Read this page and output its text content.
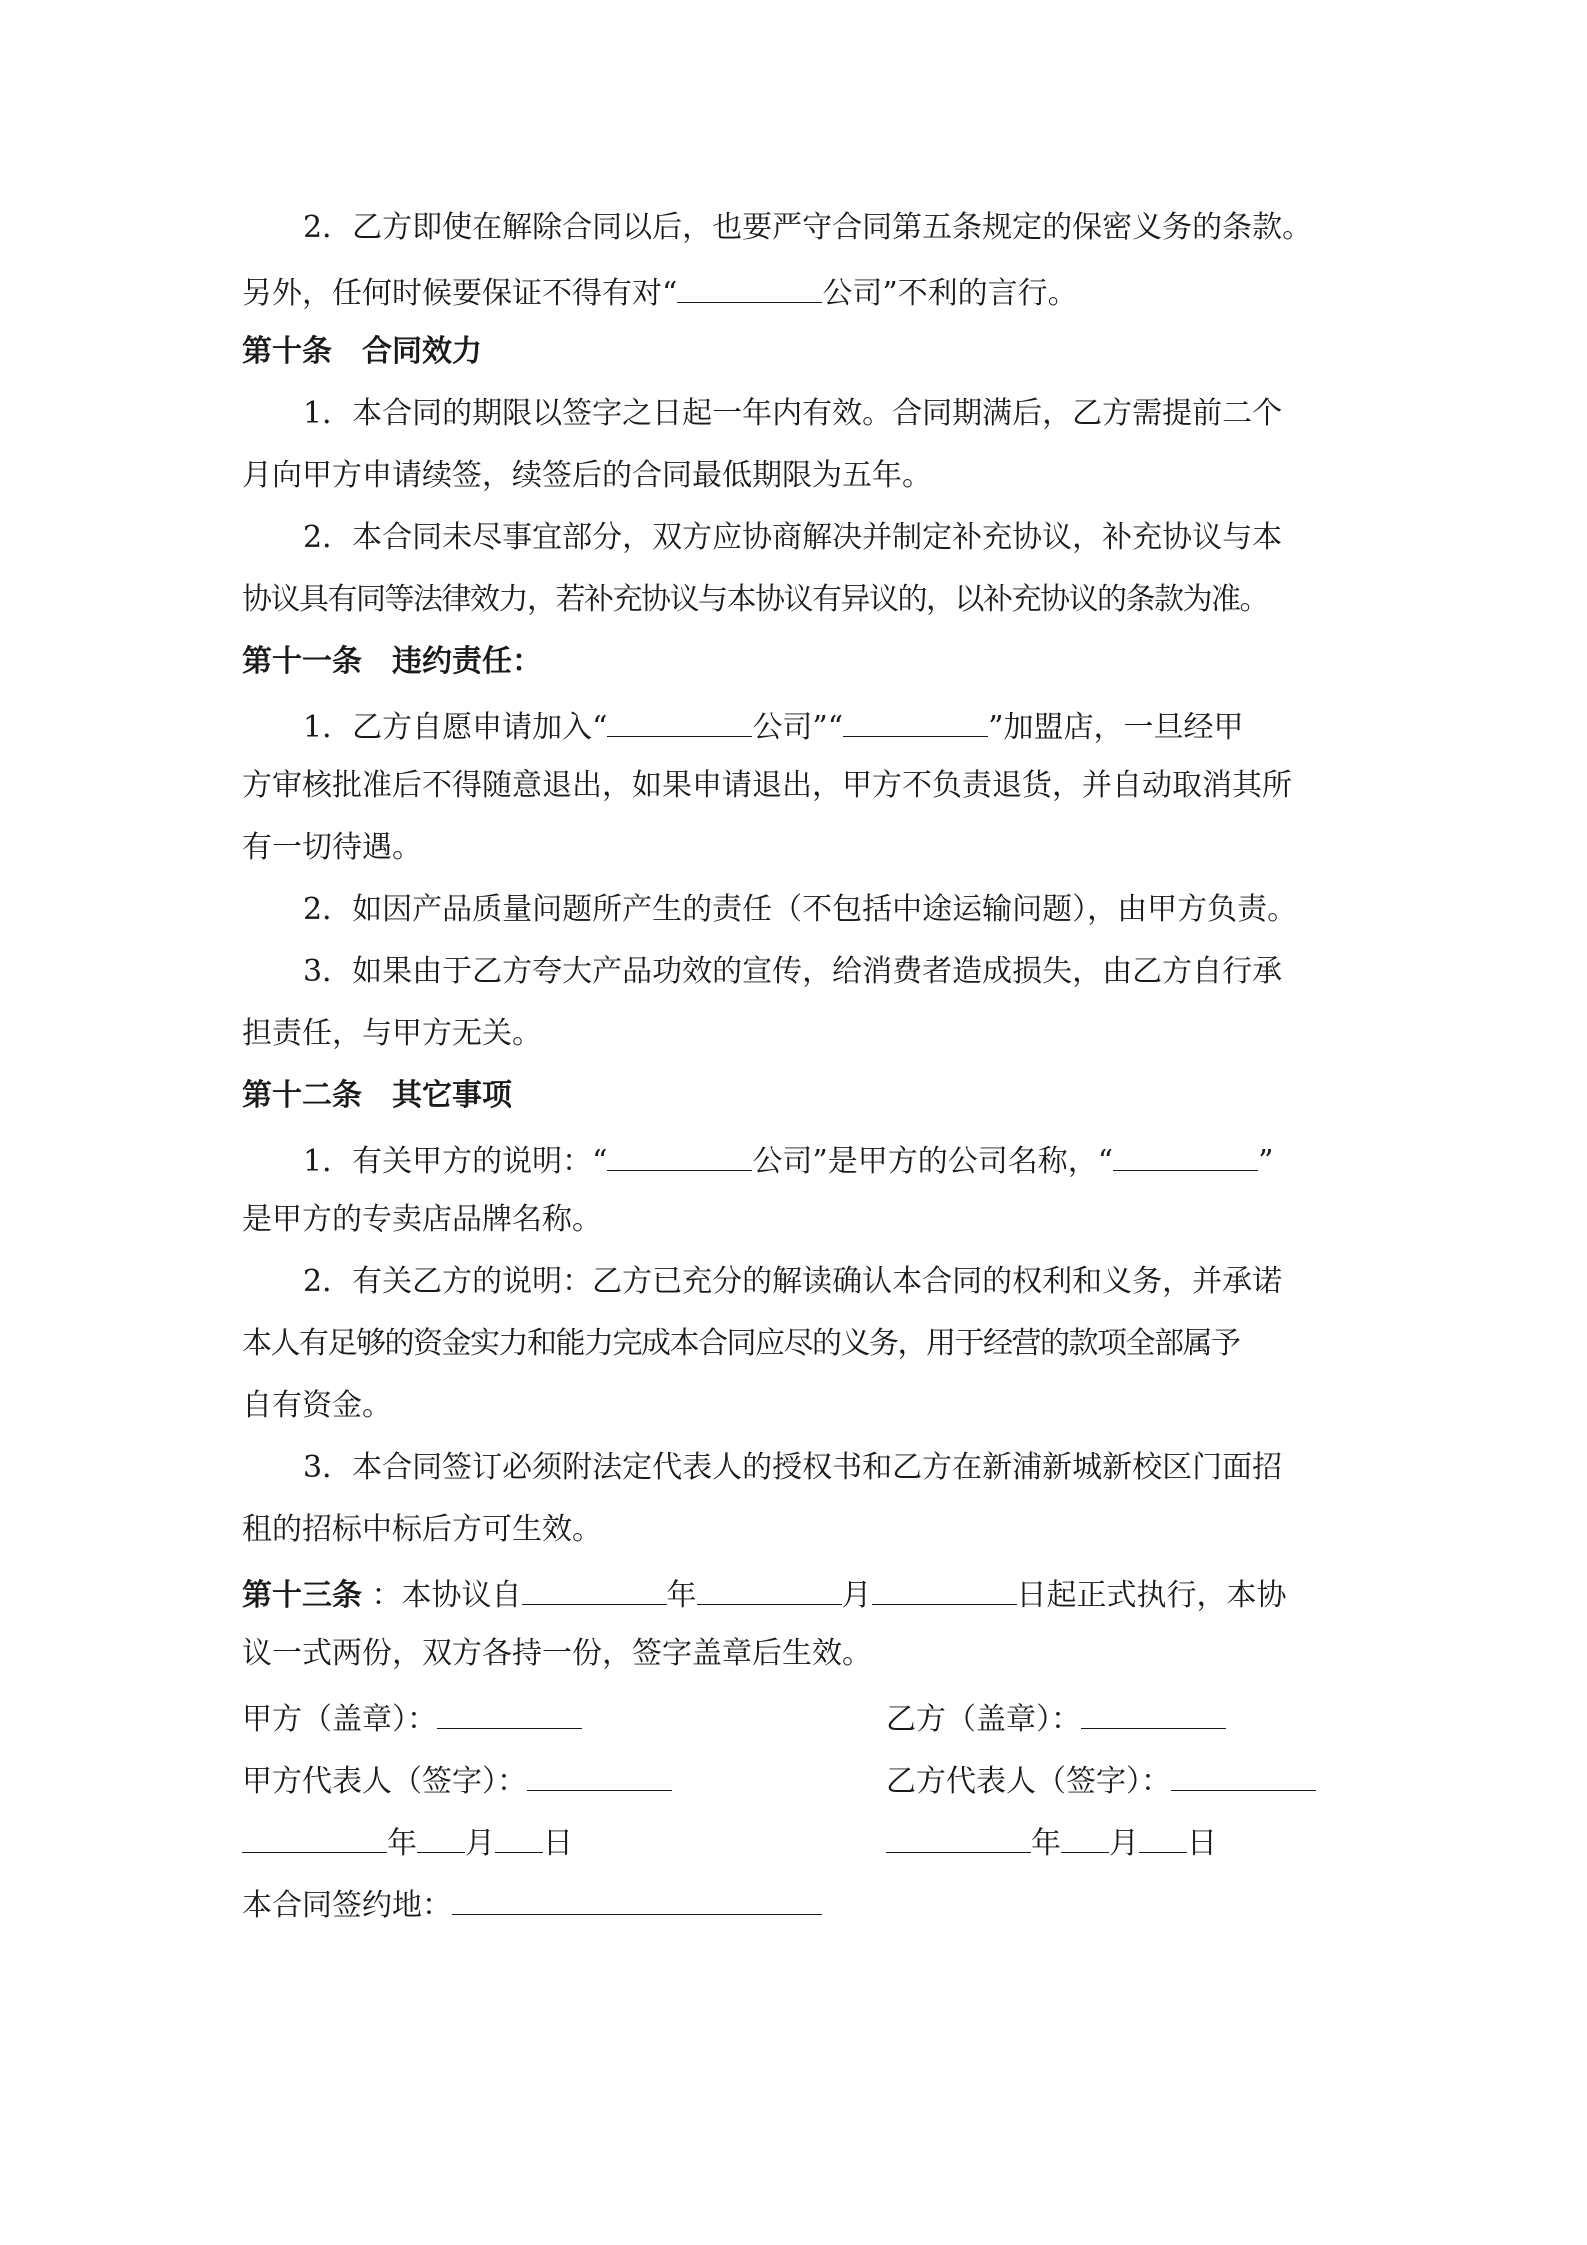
2．乙方即使在解除合同以后，也要严守合同第五条规定的保密义务的条款。
另外，任何时候要保证不得有对“	公司”不利的言行。
第十条　合同效力
1．本合同的期限以签字之日起一年内有效。合同期满后，乙方需提前二个
月向甲方申请续签，续签后的合同最低期限为五年。
2．本合同未尽事宜部分，双方应协商解决并制定补充协议，补充协议与本
协议具有同等法律效力，若补充协议与本协议有异议的，以补充协议的条款为准。
第十一条　违约责任：
1．乙方自愿申请加入“	公司”“	”加盟店，一旦经甲
方审核批准后不得随意退出，如果申请退出，甲方不负责退货，并自动取消其所
有一切待遇。
2．如因产品质量问题所产生的责任（不包括中途运输问题），由甲方负责。
3．如果由于乙方夸大产品功效的宣传，给消费者造成损失，由乙方自行承
担责任，与甲方无关。
第十二条　其它事项
1．有关甲方的说明：“	公司”是甲方的公司名称，“	”
是甲方的专卖店品牌名称。
2．有关乙方的说明：乙方已充分的解读确认本合同的权利和义务，并承诺
本人有足够的资金实力和能力完成本合同应尽的义务，用于经营的款项全部属予
自有资金。
3．本合同签订必须附法定代表人的授权书和乙方在新浦新城新校区门面招
租的招标中标后方可生效。
第十三条 ：本协议自	年	月	日起正式执行，本协
议一式两份，双方各持一份，签字盖章后生效。
甲方（盖章）：	乙方（盖章）：
甲方代表人（签字）：	乙方代表人（签字）：
年 月 日	年 月 日
本合同签约地：
